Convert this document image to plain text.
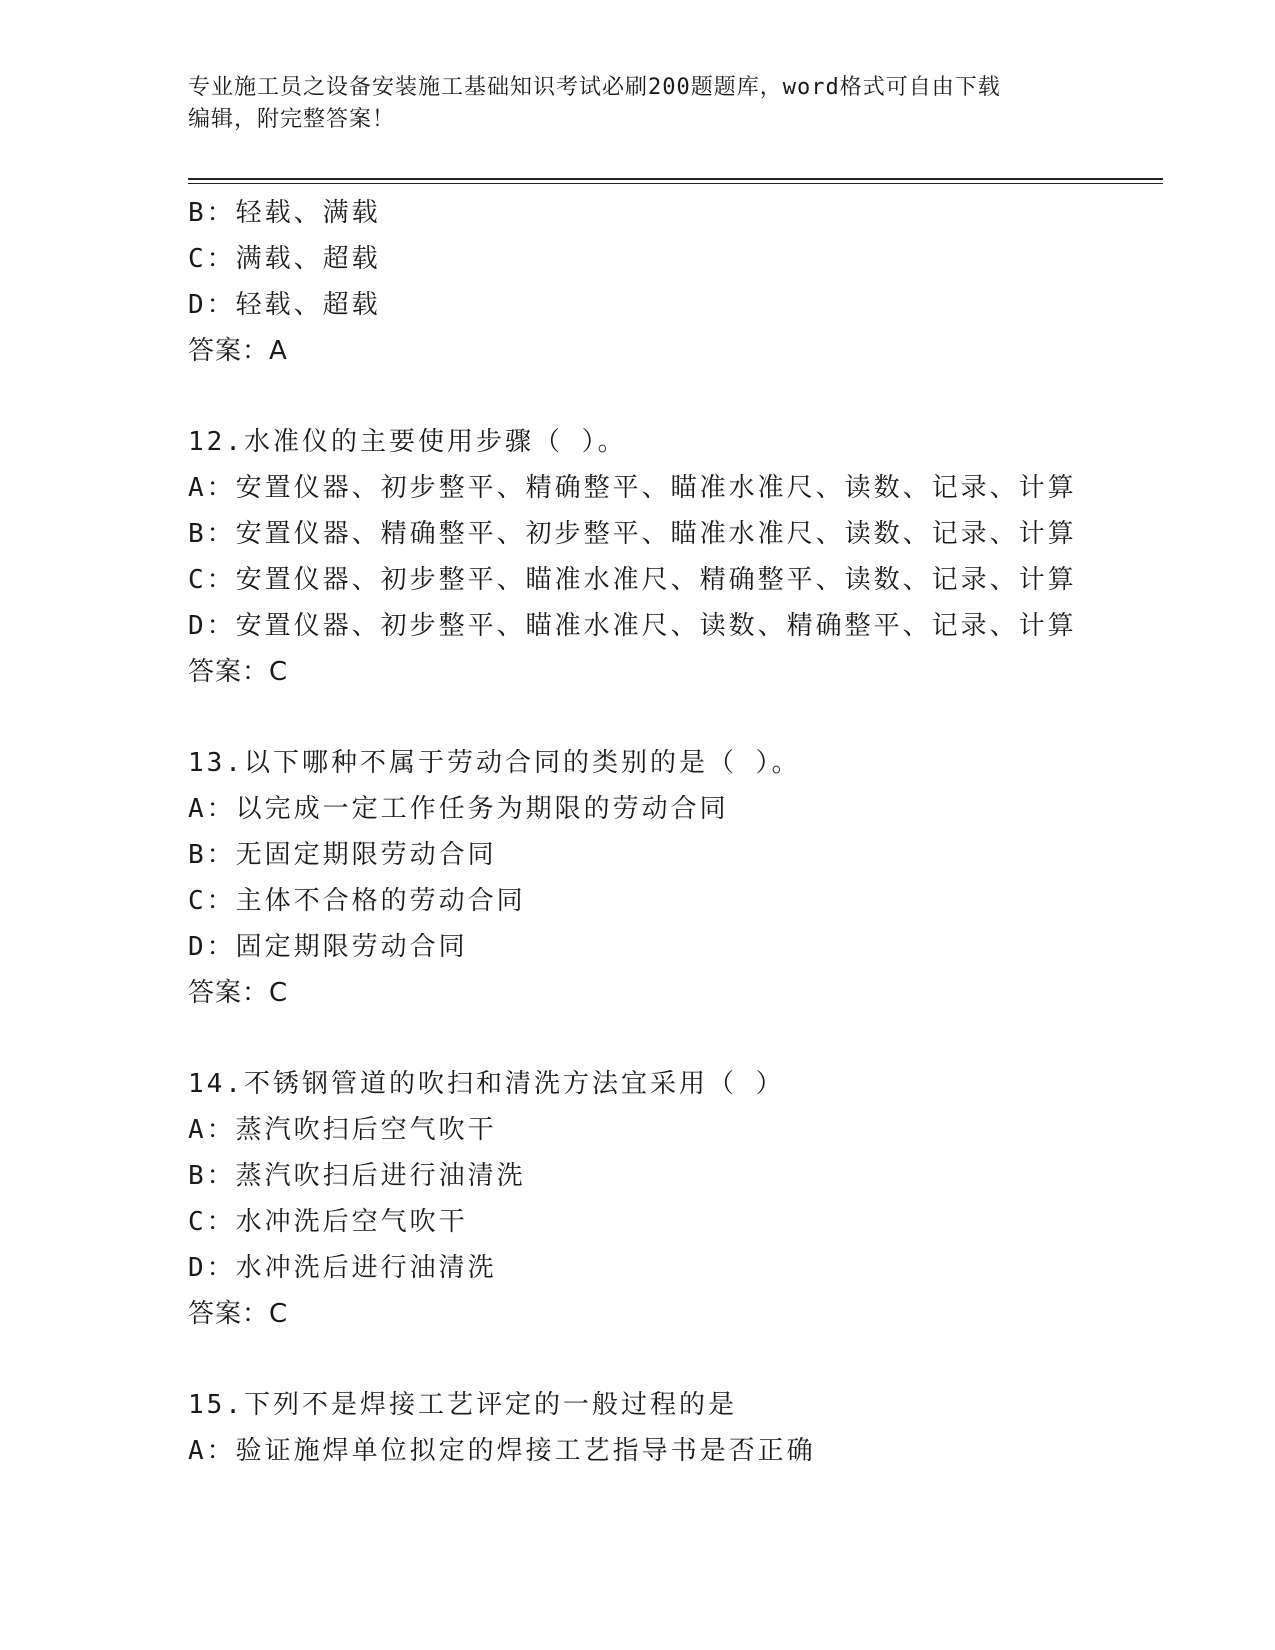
专业施工员之设备安装施工基础知识考试必刷200题题库，word格式可自由下载
编辑，附完整答案！
B：轻载、满载
C：满载、超载
D：轻载、超载
答案：A
12.水准仪的主要使用步骤（ ）。
A：安置仪器、初步整平、精确整平、瞄准水准尺、读数、记录、计算
B：安置仪器、精确整平、初步整平、瞄准水准尺、读数、记录、计算
C：安置仪器、初步整平、瞄准水准尺、精确整平、读数、记录、计算
D：安置仪器、初步整平、瞄准水准尺、读数、精确整平、记录、计算
答案：C
13.以下哪种不属于劳动合同的类别的是（ ）。
A：以完成一定工作任务为期限的劳动合同
B：无固定期限劳动合同
C：主体不合格的劳动合同
D：固定期限劳动合同
答案：C
14.不锈钢管道的吹扫和清洗方法宜采用（ ）
A：蒸汽吹扫后空气吹干
B：蒸汽吹扫后进行油清洗
C：水冲洗后空气吹干
D：水冲洗后进行油清洗
答案：C
15.下列不是焊接工艺评定的一般过程的是
A：验证施焊单位拟定的焊接工艺指导书是否正确
